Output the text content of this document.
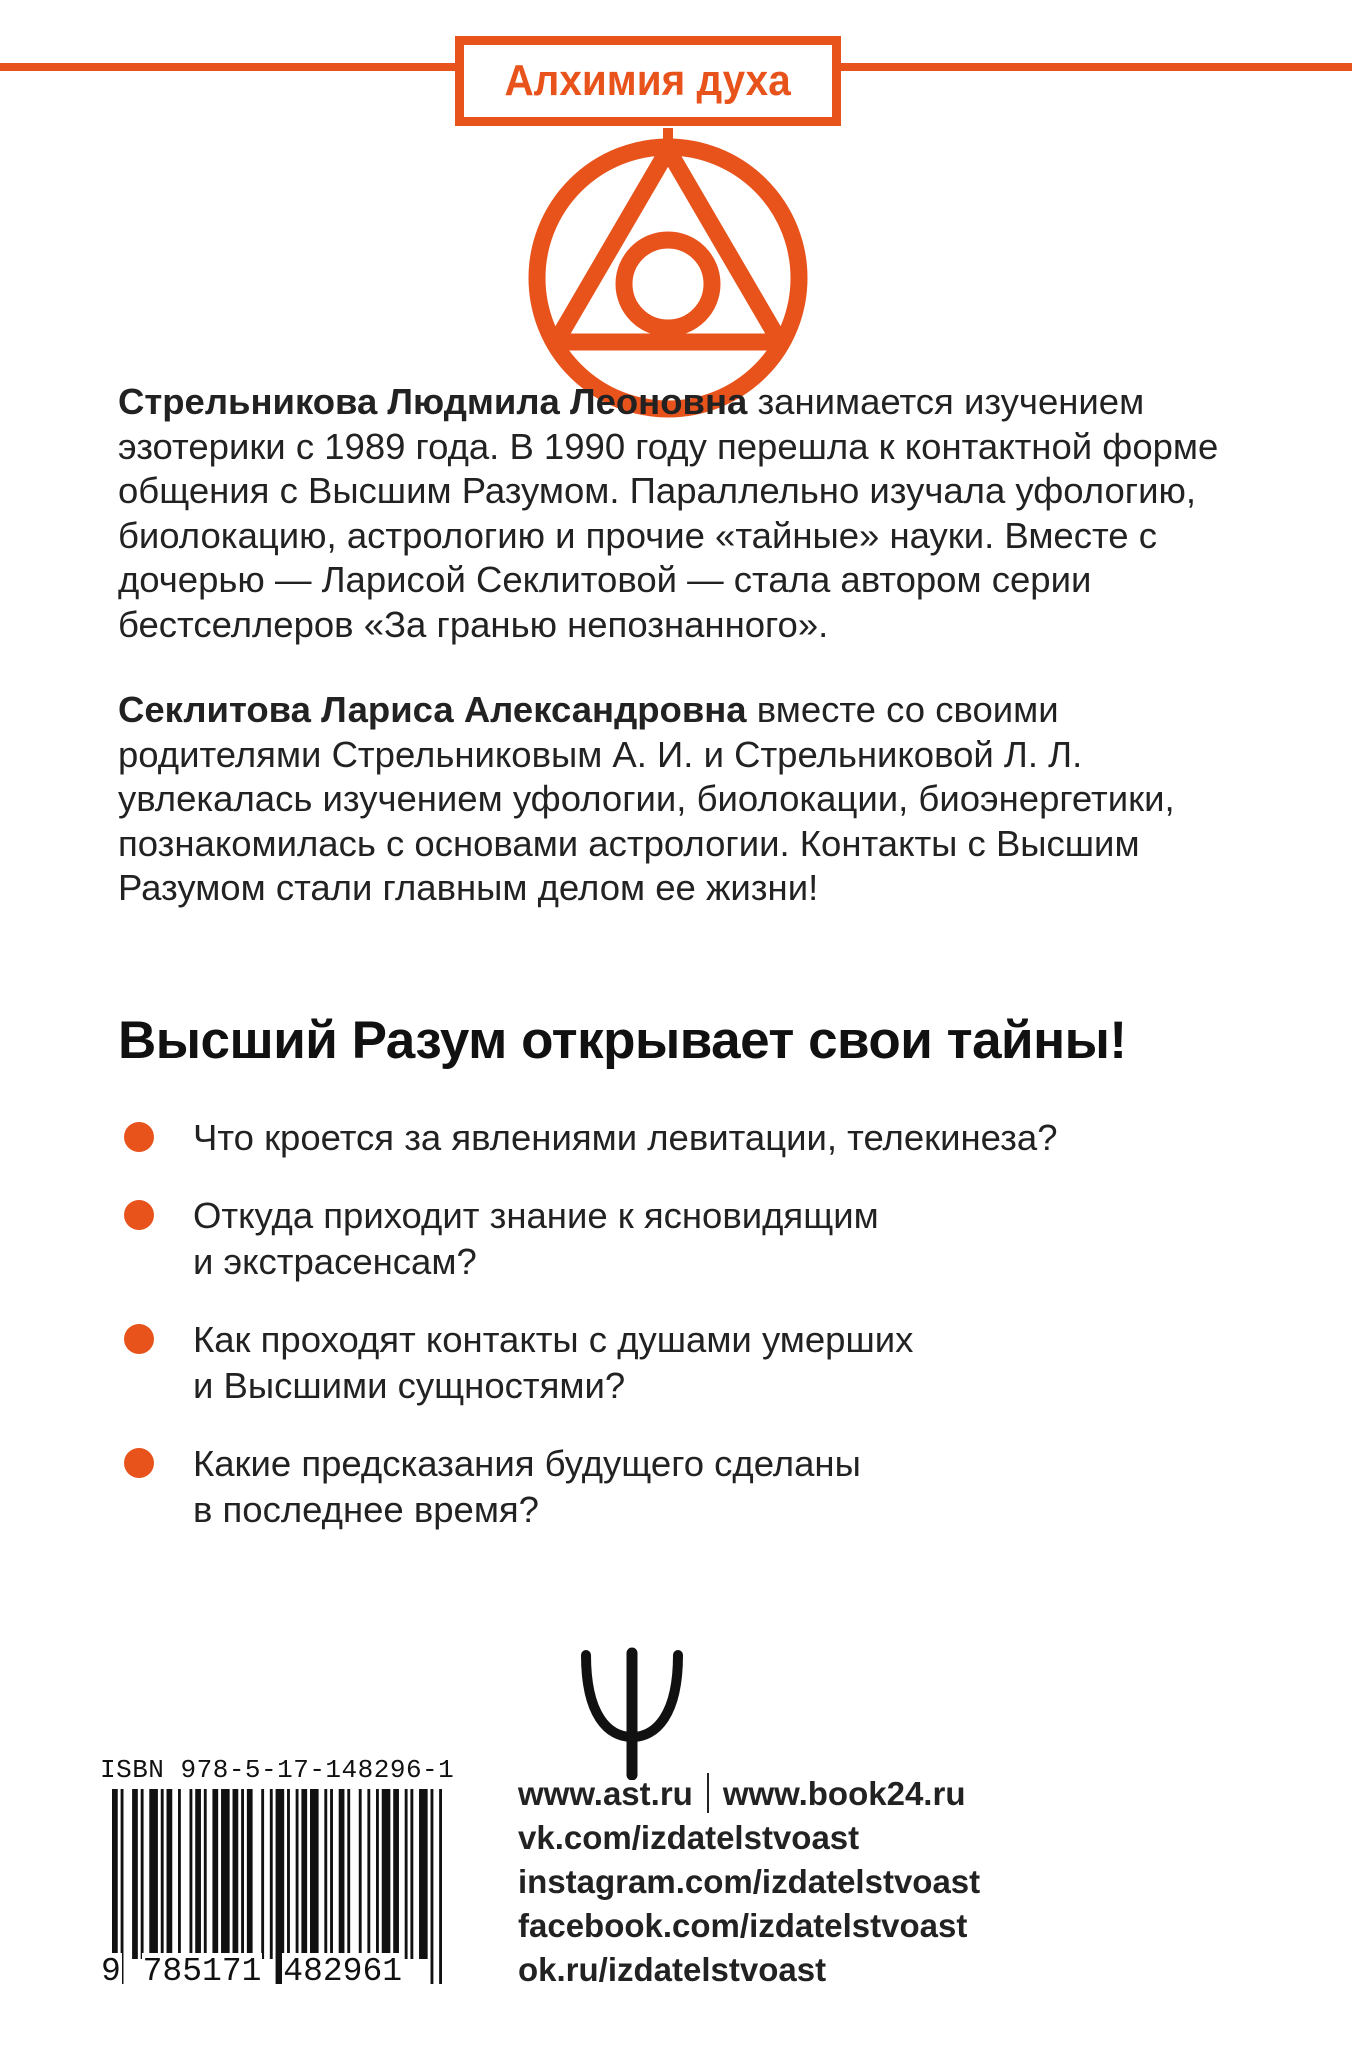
Алхимия духа

Стрельникова Людмила Леоновна занимается изучением эзотерики с 1989 года. В 1990 году перешла к контактной форме общения с Высшим Разумом. Параллельно изучала уфологию, биолокацию, астрологию и прочие «тайные» науки. Вместе с дочерью — Ларисой Секлитовой — стала автором серии бестселлеров «За гранью непознанного».

Секлитова Лариса Александровна вместе со своими родителями Стрельниковым А. И. и Стрельниковой Л. Л. увлекалась изучением уфологии, биолокации, биоэнергетики, познакомилась с основами астрологии. Контакты с Высшим Разумом стали главным делом ее жизни!

Высший Разум открывает свои тайны!
Что кроется за явлениями левитации, телекинеза?
Откуда приходит знание к ясновидящим
и экстрасенсам?
Как проходят контакты с душами умерших
и Высшими сущностями?
Какие предсказания будущего сделаны
в последнее время?
ISBN 978-5-17-148296-1
9 785171 482961
www.ast.ru www.book24.ru
vk.com/izdatelstvoast
instagram.com/izdatelstvoast
facebook.com/izdatelstvoast
ok.ru/izdatelstvoast
